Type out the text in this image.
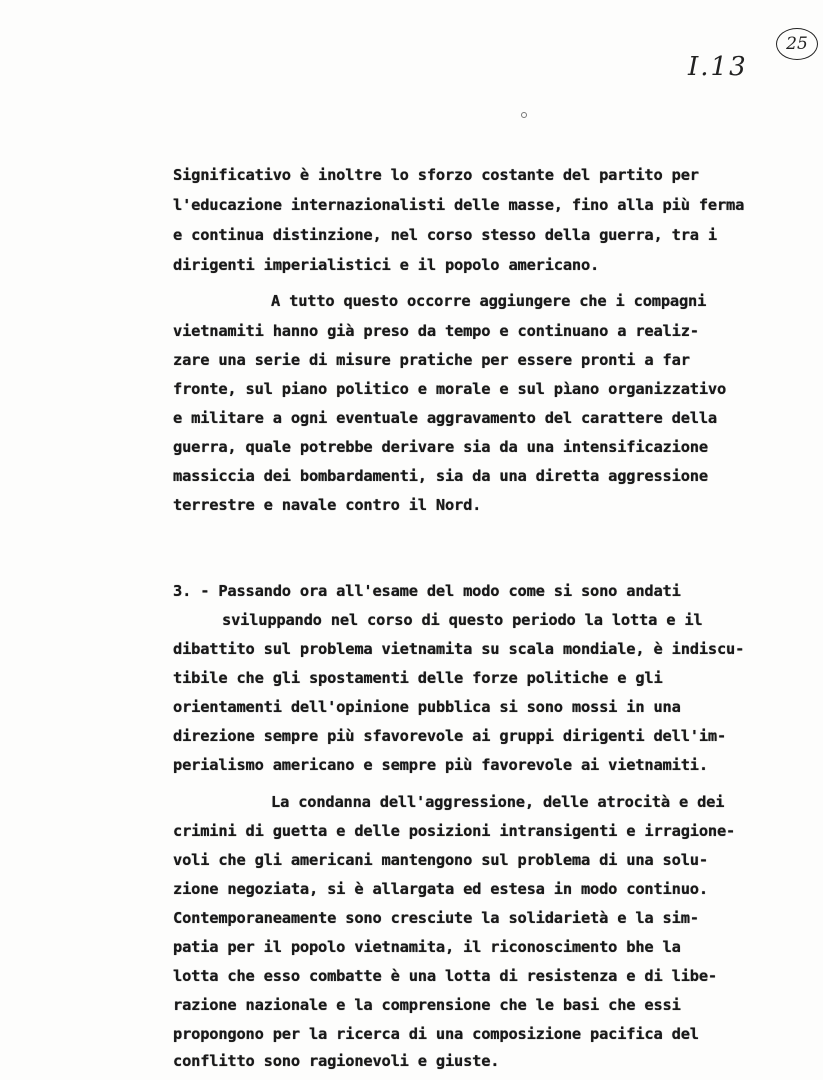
25
I.13
Significativo è inoltre lo sforzo costante del partito per
l'educazione internazionalisti delle masse, fino alla più ferma
e continua distinzione, nel corso stesso della guerra, tra i
dirigenti imperialistici e il popolo americano.
A tutto questo occorre aggiungere che i compagni
vietnamiti hanno già preso da tempo e continuano a realiz-
zare una serie di misure pratiche per essere pronti a far
fronte, sul piano politico e morale e sul pìano organizzativo
e militare a ogni eventuale aggravamento del carattere della
guerra, quale potrebbe derivare sia da una intensificazione
massiccia dei bombardamenti, sia da una diretta aggressione
terrestre e navale contro il Nord.
3. - Passando ora all'esame del modo come si sono andati
sviluppando nel corso di questo periodo la lotta e il
dibattito sul problema vietnamita su scala mondiale, è indiscu-
tibile che gli spostamenti delle forze politiche e gli
orientamenti dell'opinione pubblica si sono mossi in una
direzione sempre più sfavorevole ai gruppi dirigenti dell'im-
perialismo americano e sempre più favorevole ai vietnamiti.
La condanna dell'aggressione, delle atrocità e dei
crimini di guetta e delle posizioni intransigenti e irragione-
voli che gli americani mantengono sul problema di una solu-
zione negoziata, si è allargata ed estesa in modo continuo.
Contemporaneamente sono cresciute la solidarietà e la sim-
patia per il popolo vietnamita, il riconoscimento bhe la
lotta che esso combatte è una lotta di resistenza e di libe-
razione nazionale e la comprensione che le basi che essi
propongono per la ricerca di una composizione pacifica del
conflitto sono ragionevoli e giuste.
